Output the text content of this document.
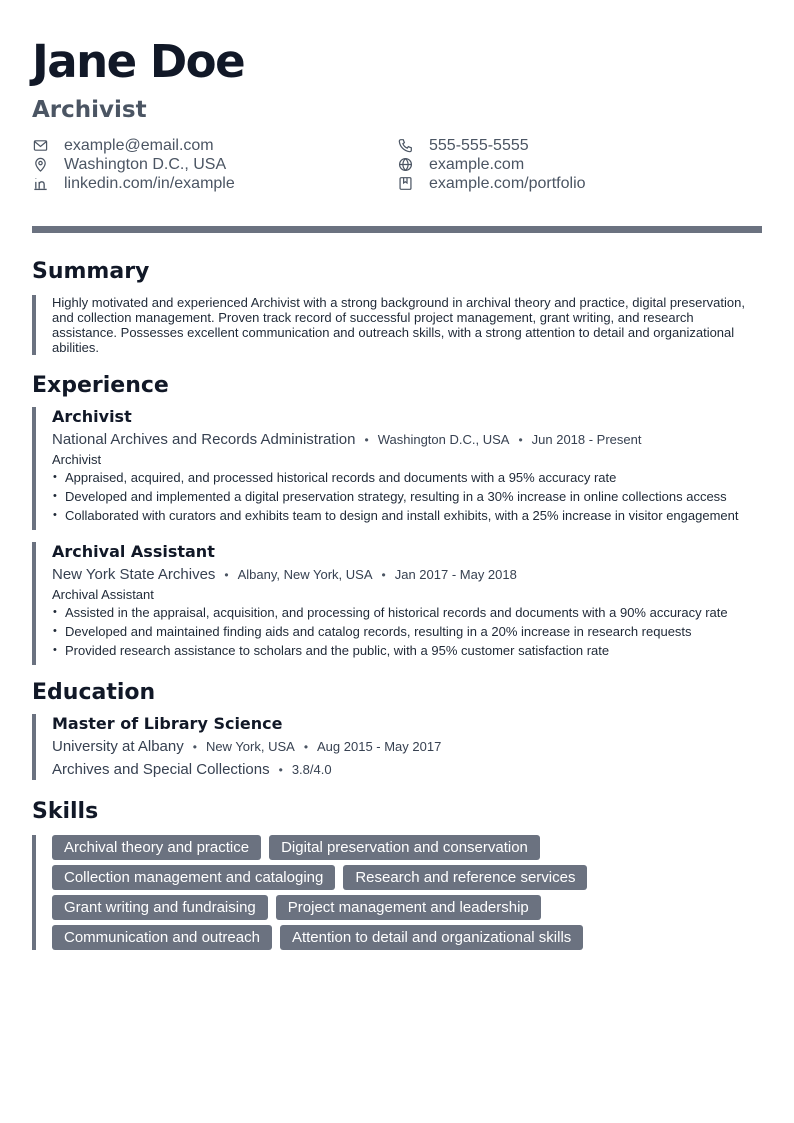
Jane Doe
Archivist
example@email.com	555-555-5555
Washington D.C., USA	example.com
linkedin.com/in/example	example.com/portfolio
Summary
Highly motivated and experienced Archivist with a strong background in archival theory and practice, digital preservation, and collection management. Proven track record of successful project management, grant writing, and research assistance. Possesses excellent communication and outreach skills, with a strong attention to detail and organizational abilities.
Experience
Archivist
National Archives and Records Administration • Washington D.C., USA • Jun 2018 - Present
Archivist
• Appraised, acquired, and processed historical records and documents with a 95% accuracy rate
• Developed and implemented a digital preservation strategy, resulting in a 30% increase in online collections access
• Collaborated with curators and exhibits team to design and install exhibits, with a 25% increase in visitor engagement
Archival Assistant
New York State Archives • Albany, New York, USA • Jan 2017 - May 2018
Archival Assistant
• Assisted in the appraisal, acquisition, and processing of historical records and documents with a 90% accuracy rate
• Developed and maintained finding aids and catalog records, resulting in a 20% increase in research requests
• Provided research assistance to scholars and the public, with a 95% customer satisfaction rate
Education
Master of Library Science
University at Albany • New York, USA • Aug 2015 - May 2017
Archives and Special Collections • 3.8/4.0
Skills
Archival theory and practice	Digital preservation and conservation
Collection management and cataloging	Research and reference services
Grant writing and fundraising	Project management and leadership
Communication and outreach	Attention to detail and organizational skills
